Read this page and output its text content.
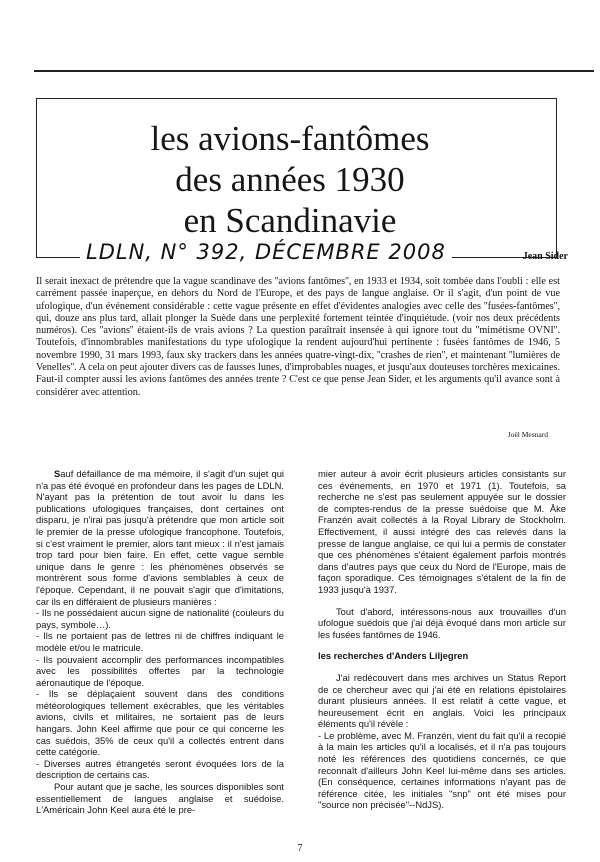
les avions-fantômes
des années 1930
en Scandinavie
LDLN, N° 392, DÉCEMBRE 2008	Jean Sider

Il serait inexact de prétendre que la vague scandinave des ''avions fantômes'', en 1933 et 1934, soit tombée dans l'oubli : elle est carrément passée inaperçue, en dehors du Nord de l'Europe, et des pays de langue anglaise. Or il s'agit, d'un point de vue ufologique, d'un événement considérable : cette vague présente en effet d'évidentes analogies avec celle des ''fusées-fantômes'', qui, douze ans plus tard, allait plonger la Suède dans une perplexité fortement teintée d'inquiétude. (voir nos deux précédents numéros). Ces ''avions'' étaient-ils de vrais avions ? La question paraîtrait insensée à qui ignore tout du ''mimétisme OVNI''. Toutefois, d'innombrables manifestations du type ufologique la rendent aujourd'hui pertinente : fusées fantômes de 1946, 5 novembre 1990, 31 mars 1993, faux sky trackers dans les années quatre-vingt-dix, ''crashes de rien'', et maintenant ''lumières de Venelles''. A cela on peut ajouter divers cas de fausses lunes, d'improbables nuages, et jusqu'aux douteuses torchères mexicaines. Faut-il compter aussi les avions fantômes des années trente ? C'est ce que pense Jean Sider, et les arguments qu'il avance sont à considérer avec attention.

Joël Mesnard

Sauf défaillance de ma mémoire, il s'agit d'un sujet qui n'a pas été évoqué en profondeur dans les pages de LDLN. N'ayant pas la prétention de tout avoir lu dans les publications ufologiques françaises, dont certaines ont disparu, je n'irai pas jusqu'à prétendre que mon article soit le premier de la presse ufologique francophone. Toutefois, si c'est vraiment le premier, alors tant mieux : il n'est jamais trop tard pour bien faire. En effet, cette vague semble unique dans le genre : les phénomènes observés se montrèrent sous forme d'avions semblables à ceux de l'époque. Cependant, il ne pouvait s'agir que d'imitations, car ils en différaient de plusieurs manières :

- Ils ne possédaient aucun signe de nationalité (couleurs du pays, symbole…).

- Ils ne portaient pas de lettres ni de chiffres indiquant le modèle et/ou le matricule.

- Ils pouvaient accomplir des performances incompatibles avec les possibilités offertes par la technologie aéronautique de l'époque.

- Ils se déplaçaient souvent dans des conditions météorologiques tellement exécrables, que les véritables avions, civils et militaires, ne sortaient pas de leurs hangars. John Keel affirme que pour ce qui concerne les cas suédois, 35% de ceux qu'il a collectés entrent dans cette catégorie.

- Diverses autres étrangetés seront évoquées lors de la description de certains cas.

Pour autant que je sache, les sources disponibles sont essentiellement de langues anglaise et suédoise. L'Américain John Keel aura été le pre-

mier auteur à avoir écrit plusieurs articles consistants sur ces événements, en 1970 et 1971 (1). Toutefois, sa recherche ne s'est pas seulement appuyée sur le dossier de comptes-rendus de la presse suédoise que M. Åke Franzén avait collectés à la Royal Library de Stockholm. Effectivement, il aussi intégré des cas relevés dans la presse de langue anglaise, ce qui lui a permis de constater que ces phénomènes s'étaient également parfois montrés dans d'autres pays que ceux du Nord de l'Europe, mais de façon sporadique. Ces témoignages s'étalent de la fin de 1933 jusqu'à 1937.

Tout d'abord, intéressons-nous aux trouvailles d'un ufologue suédois que j'ai déjà évoqué dans mon article sur les fusées fantômes de 1946.

les recherches d'Anders Liljegren

J'ai redécouvert dans mes archives un Status Report de ce chercheur avec qui j'ai été en relations épistolaires durant plusieurs années. Il est relatif à cette vague, et heureusement écrit en anglais. Voici les principaux éléments qu'il révèle :

- Le problème, avec M. Franzén, vient du fait qu'il a recopié à la main les articles qu'il a localisés, et il n'a pas toujours noté les références des quotidiens concernés, ce que reconnaît d'ailleurs John Keel lui-même dans ses articles. (En conséquence, certaines informations n'ayant pas de référence citée, les initiales "snp" ont été mises pour "source non précisée"--NdJS).

7
